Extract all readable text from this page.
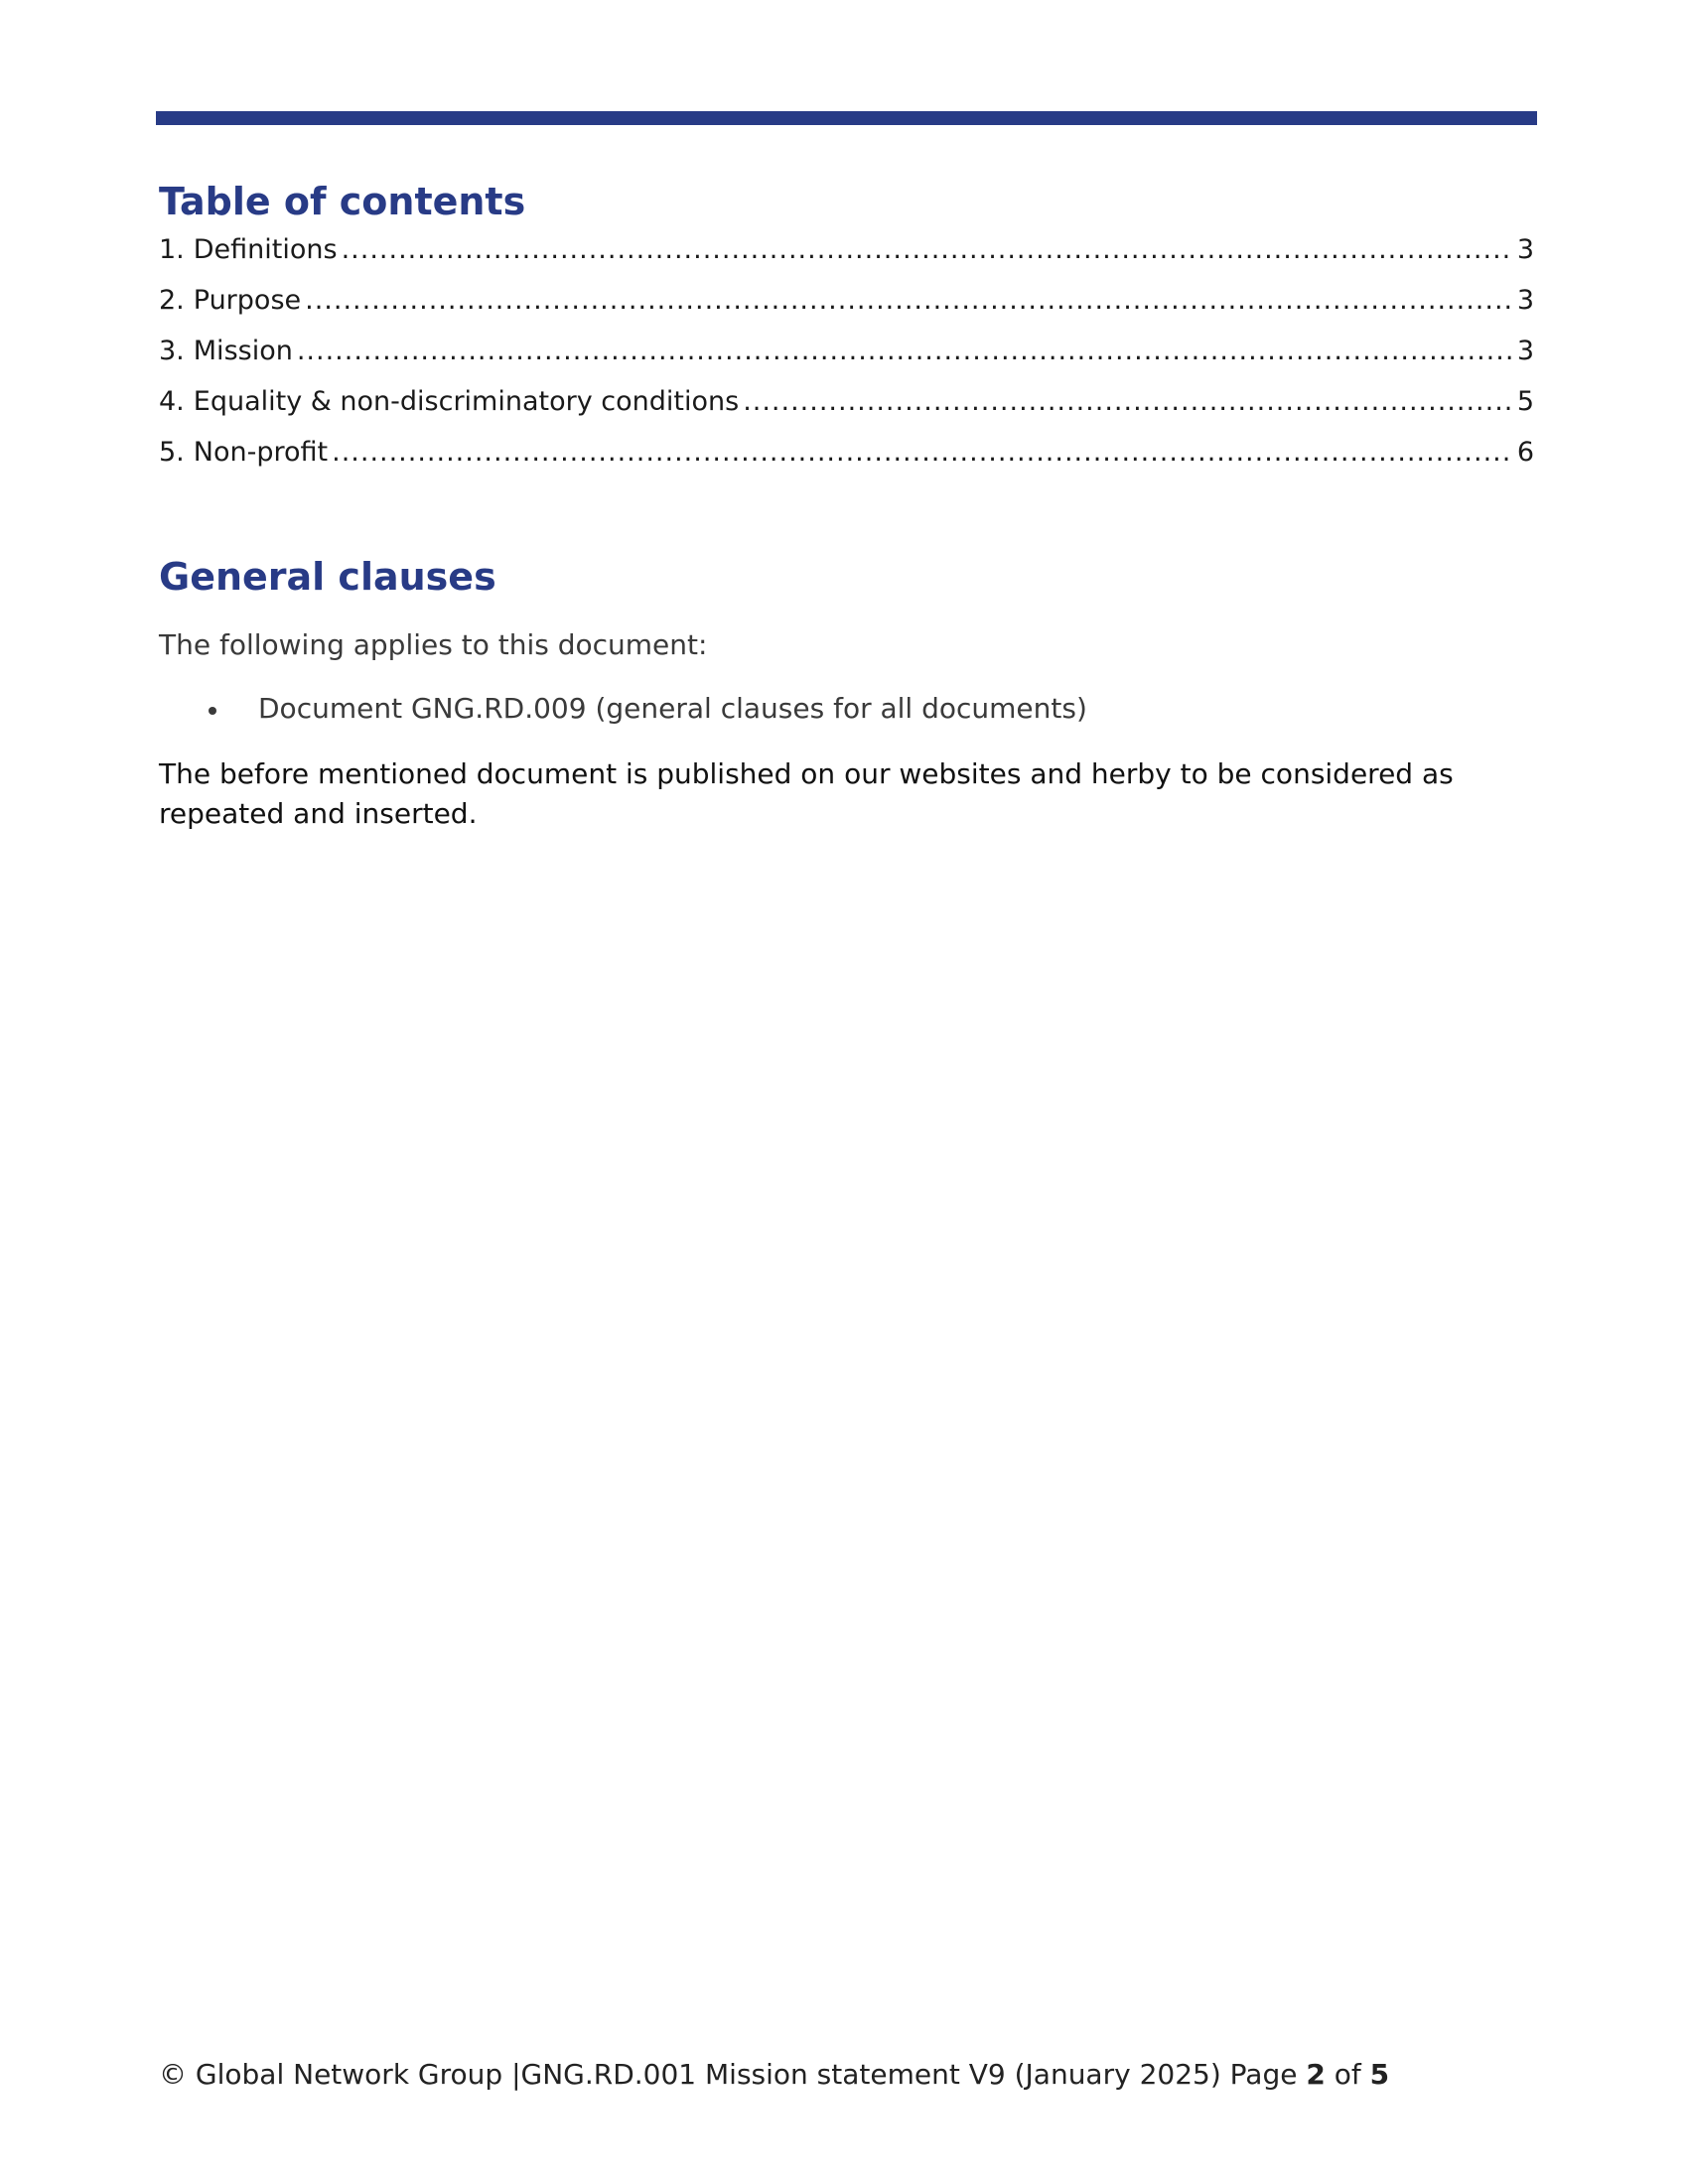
Table of contents
1. Definitions .....	3
2. Purpose .....	3
3. Mission .....	3
4. Equality & non-discriminatory conditions .....	5
5. Non-profit .....	6
General clauses

The following applies to this document:

Document GNG.RD.009 (general clauses for all documents)

The before mentioned document is published on our websites and herby to be considered as repeated and inserted.

© Global Network Group |GNG.RD.001 Mission statement V9 (January 2025) Page 2 of 5
